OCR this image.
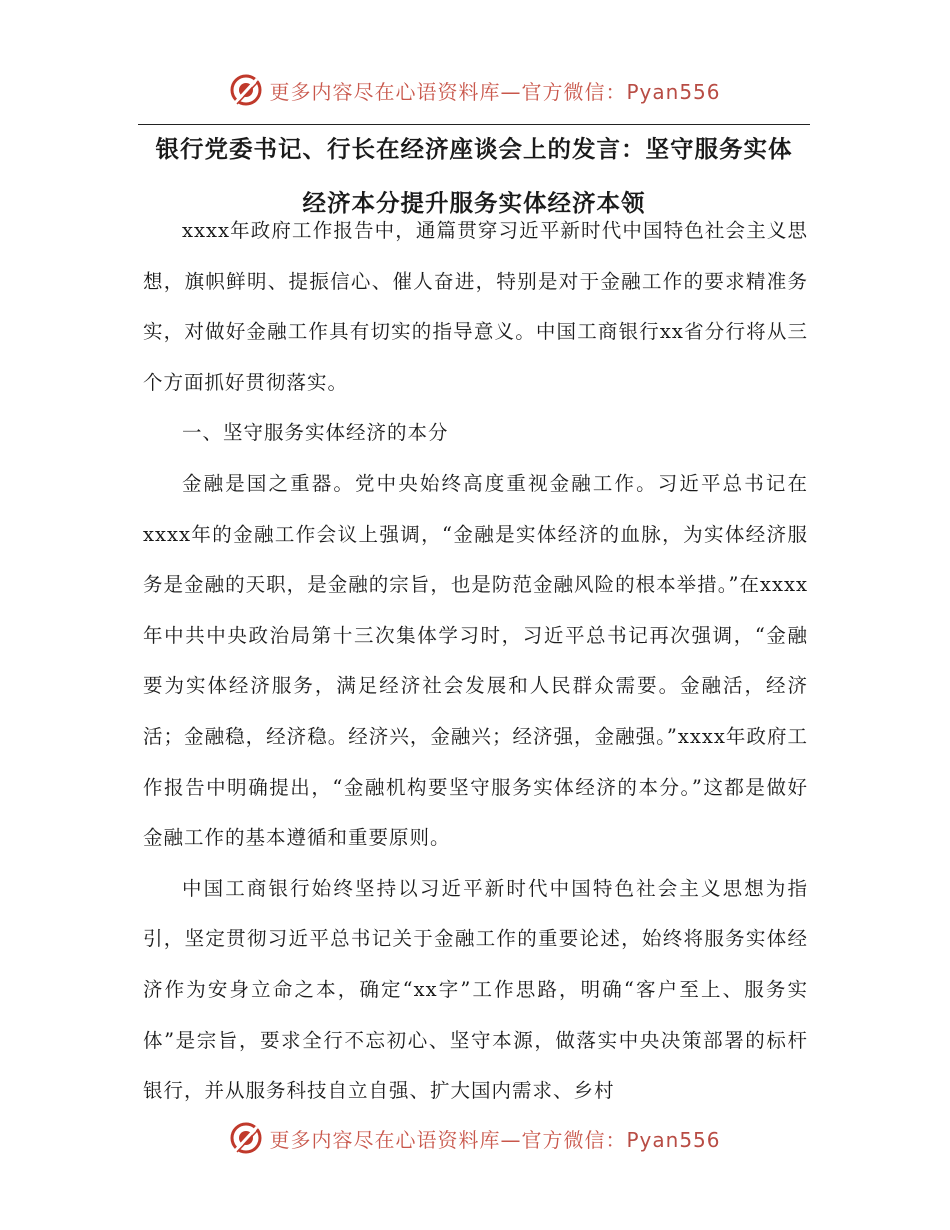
更多内容尽在心语资料库—官方微信：Pyan556
银行党委书记、行长在经济座谈会上的发言：坚守服务实体
经济本分提升服务实体经济本领

xxxx年政府工作报告中，通篇贯穿习近平新时代中国特色社会主义思想，旗帜鲜明、提振信心、催人奋进，特别是对于金融工作的要求精准务实，对做好金融工作具有切实的指导意义。中国工商银行xx省分行将从三个方面抓好贯彻落实。

一、坚守服务实体经济的本分

金融是国之重器。党中央始终高度重视金融工作。习近平总书记在xxxx年的金融工作会议上强调，“金融是实体经济的血脉，为实体经济服务是金融的天职，是金融的宗旨，也是防范金融风险的根本举措。”在xxxx年中共中央政治局第十三次集体学习时，习近平总书记再次强调，“金融要为实体经济服务，满足经济社会发展和人民群众需要。金融活，经济活；金融稳，经济稳。经济兴，金融兴；经济强，金融强。”xxxx年政府工作报告中明确提出，“金融机构要坚守服务实体经济的本分。”这都是做好金融工作的基本遵循和重要原则。

中国工商银行始终坚持以习近平新时代中国特色社会主义思想为指引，坚定贯彻习近平总书记关于金融工作的重要论述，始终将服务实体经济作为安身立命之本，确定“xx字”工作思路，明确“客户至上、服务实体”是宗旨，要求全行不忘初心、坚守本源，做落实中央决策部署的标杆银行，并从服务科技自立自强、扩大国内需求、乡村

更多内容尽在心语资料库—官方微信：Pyan556
